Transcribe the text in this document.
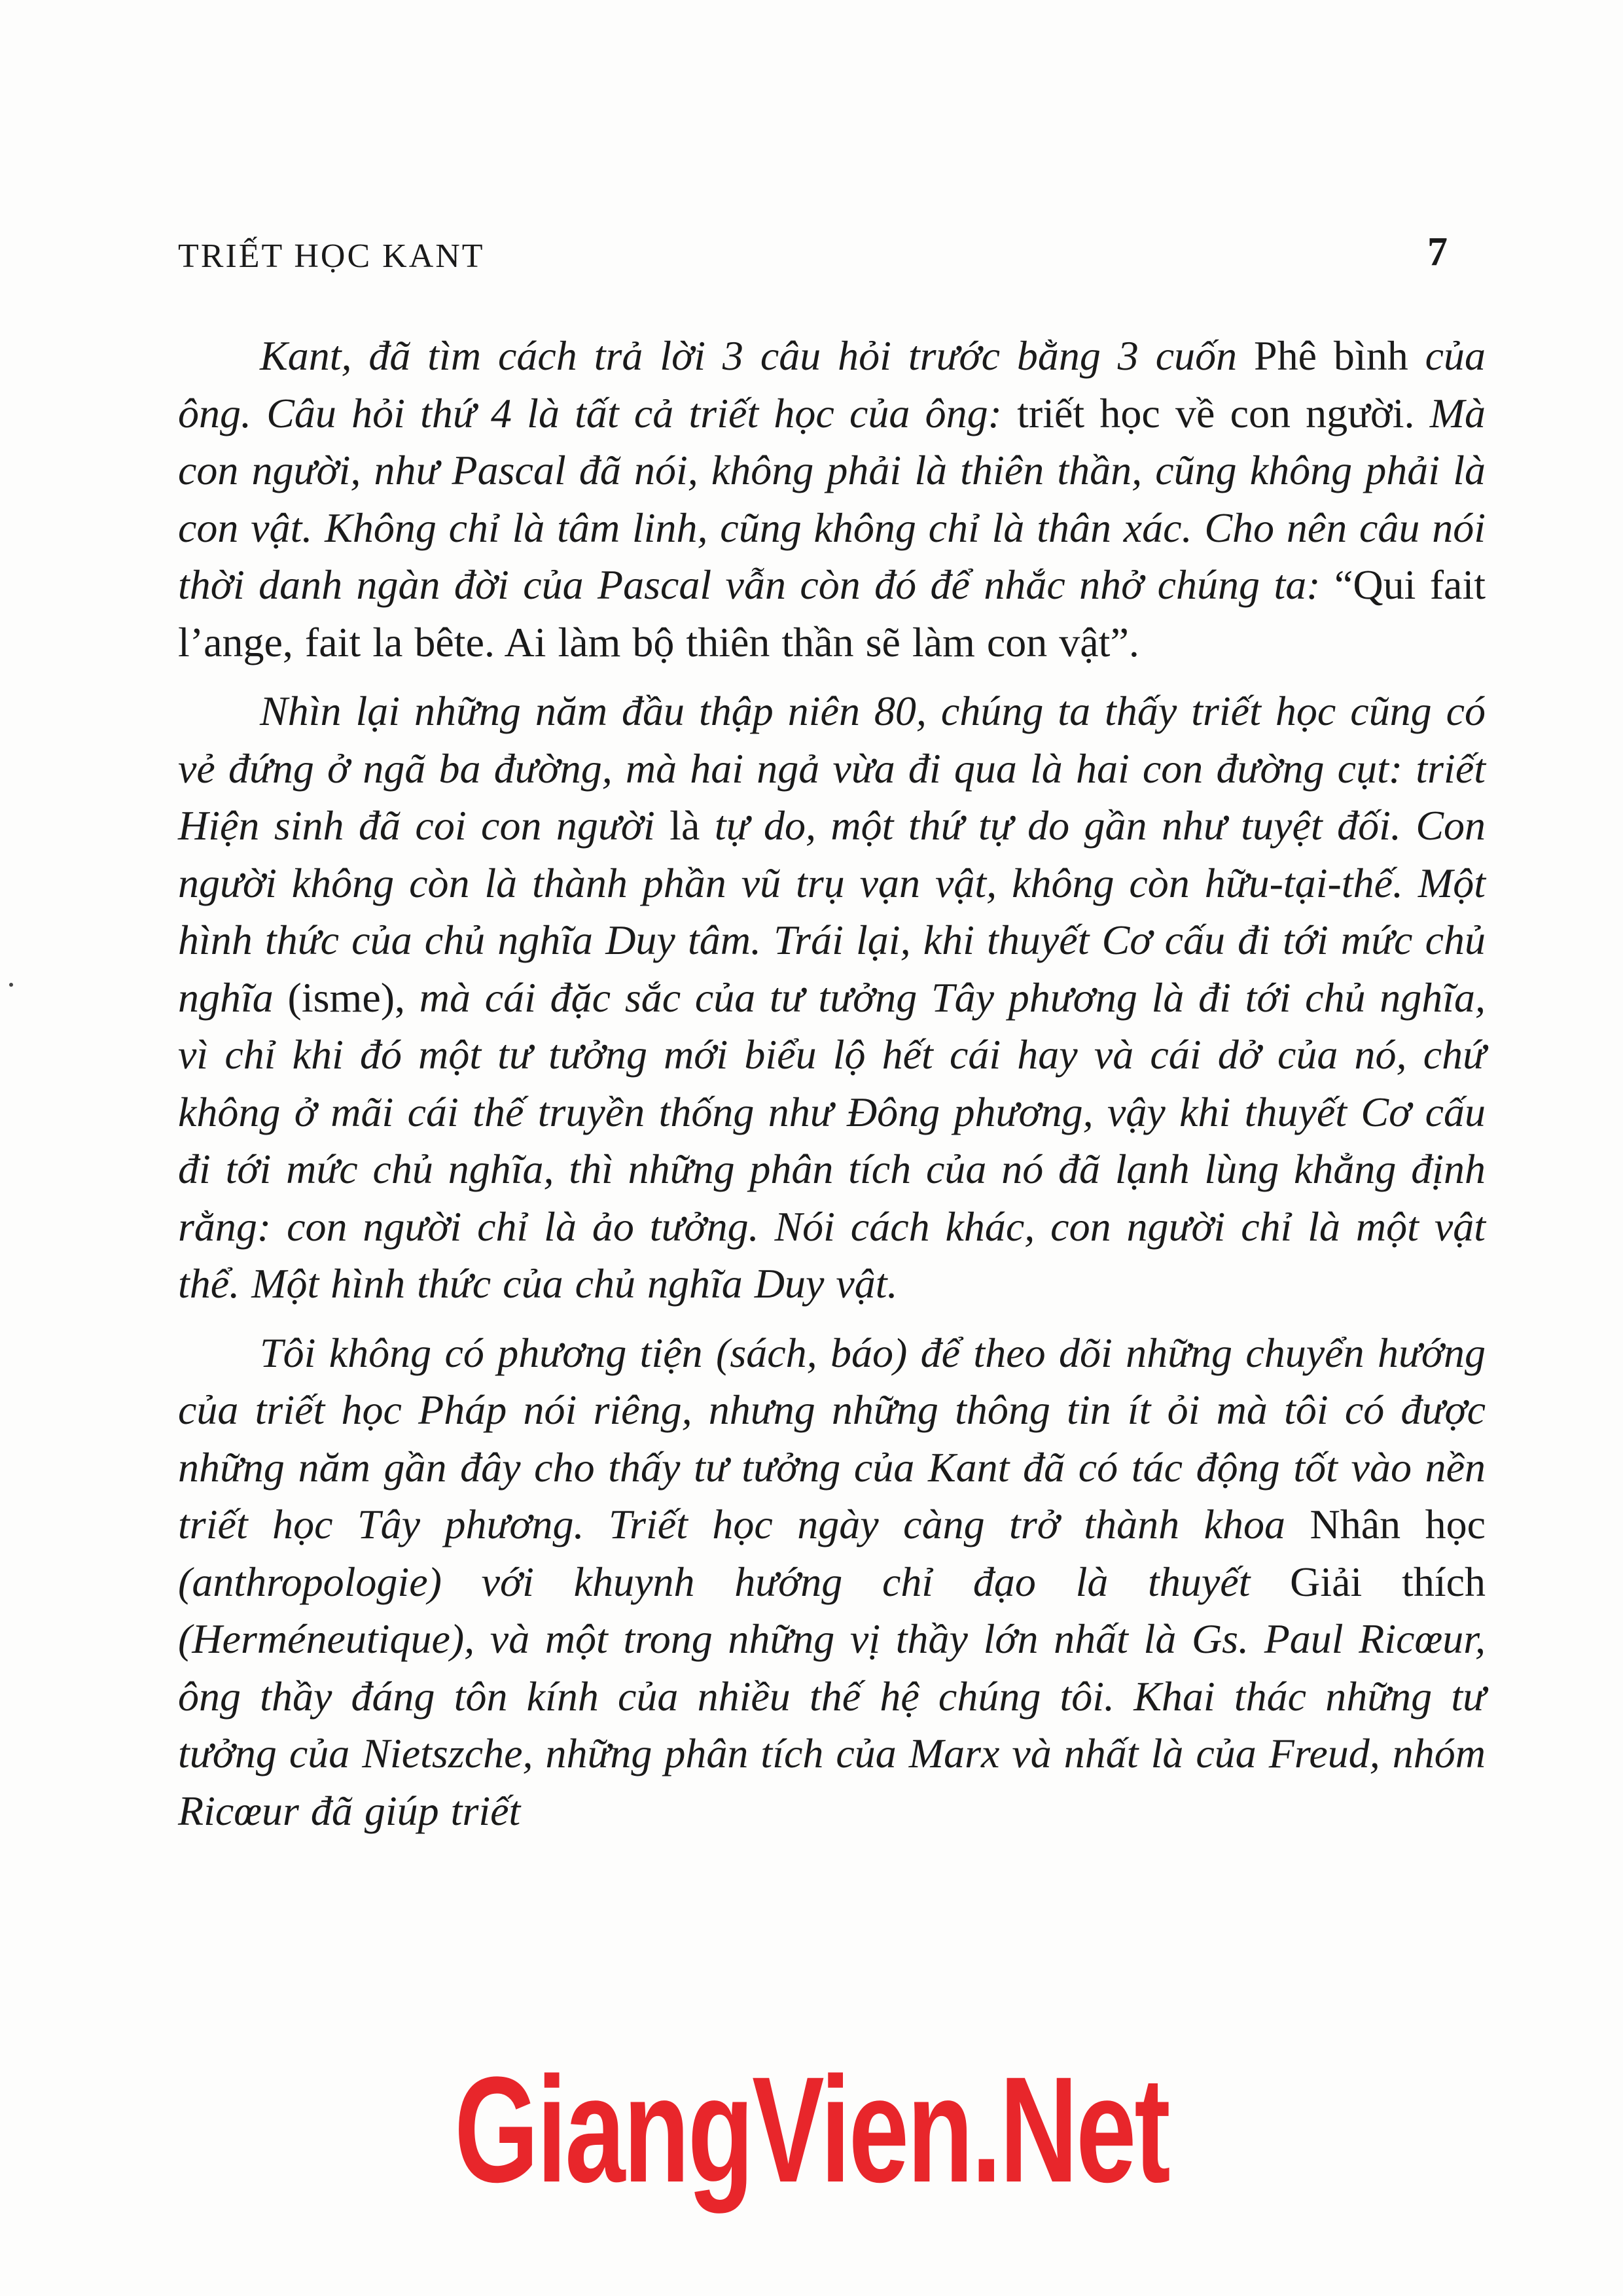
TRIẾT HỌC KANT	7

Kant, đã tìm cách trả lời 3 câu hỏi trước bằng 3 cuốn Phê bình của ông. Câu hỏi thứ 4 là tất cả triết học của ông: triết học về con người. Mà con người, như Pascal đã nói, không phải là thiên thần, cũng không phải là con vật. Không chỉ là tâm linh, cũng không chỉ là thân xác. Cho nên câu nói thời danh ngàn đời của Pascal vẫn còn đó để nhắc nhở chúng ta: “Qui fait l’ange, fait la bête. Ai làm bộ thiên thần sẽ làm con vật”.

Nhìn lại những năm đầu thập niên 80, chúng ta thấy triết học cũng có vẻ đứng ở ngã ba đường, mà hai ngả vừa đi qua là hai con đường cụt: triết Hiện sinh đã coi con người là tự do, một thứ tự do gần như tuyệt đối. Con người không còn là thành phần vũ trụ vạn vật, không còn hữu-tại-thế. Một hình thức của chủ nghĩa Duy tâm. Trái lại, khi thuyết Cơ cấu đi tới mức chủ nghĩa (isme), mà cái đặc sắc của tư tưởng Tây phương là đi tới chủ nghĩa, vì chỉ khi đó một tư tưởng mới biểu lộ hết cái hay và cái dở của nó, chứ không ở mãi cái thế truyền thống như Đông phương, vậy khi thuyết Cơ cấu đi tới mức chủ nghĩa, thì những phân tích của nó đã lạnh lùng khẳng định rằng: con người chỉ là ảo tưởng. Nói cách khác, con người chỉ là một vật thể. Một hình thức của chủ nghĩa Duy vật.

Tôi không có phương tiện (sách, báo) để theo dõi những chuyển hướng của triết học Pháp nói riêng, nhưng những thông tin ít ỏi mà tôi có được những năm gần đây cho thấy tư tưởng của Kant đã có tác động tốt vào nền triết học Tây phương. Triết học ngày càng trở thành khoa Nhân học (anthropologie) với khuynh hướng chỉ đạo là thuyết Giải thích (Herméneutique), và một trong những vị thầy lớn nhất là Gs. Paul Ricœur, ông thầy đáng tôn kính của nhiều thế hệ chúng tôi. Khai thác những tư tưởng của Nietszche, những phân tích của Marx và nhất là của Freud, nhóm Ricœur đã giúp triết

GiangVien.Net
